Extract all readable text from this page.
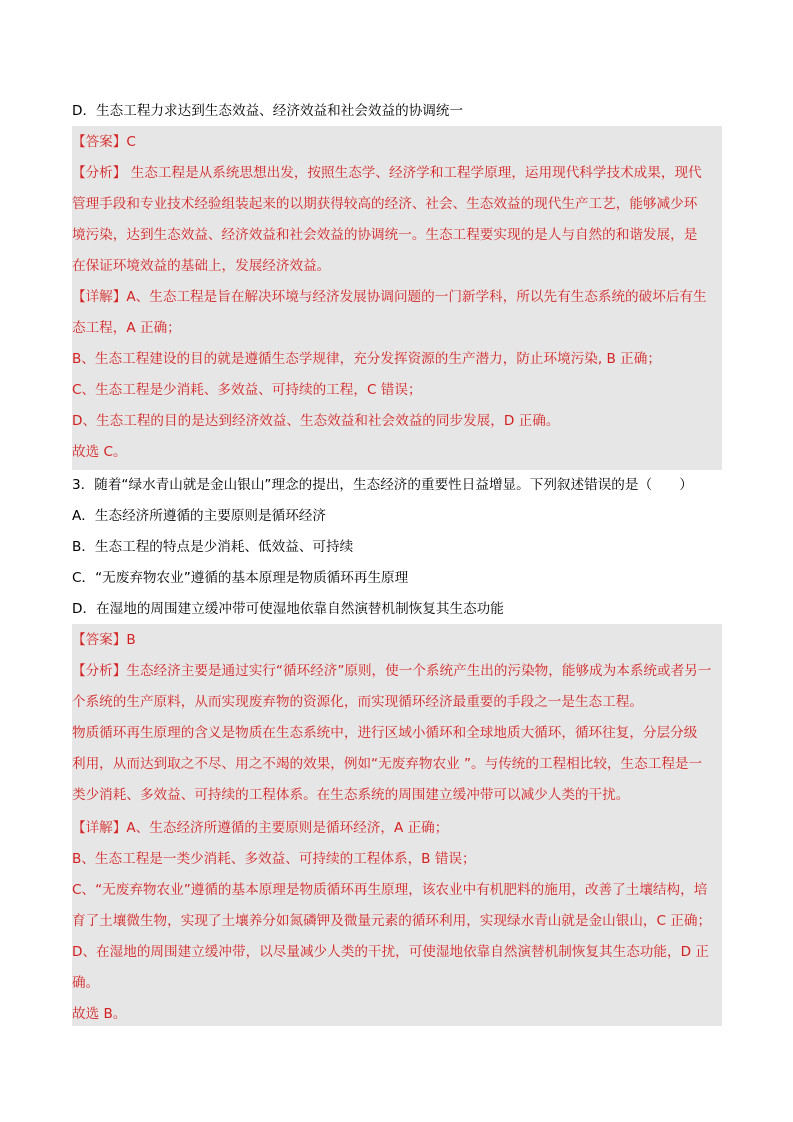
D．生态工程力求达到生态效益、经济效益和社会效益的协调统一
【答案】C
【分析】 生态工程是从系统思想出发，按照生态学、经济学和工程学原理，运用现代科学技术成果，现代
管理手段和专业技术经验组装起来的以期获得较高的经济、社会、生态效益的现代生产工艺，能够减少环
境污染，达到生态效益、经济效益和社会效益的协调统一。生态工程要实现的是人与自然的和谐发展，是
在保证环境效益的基础上，发展经济效益。
【详解】A、生态工程是旨在解决环境与经济发展协调问题的一门新学科，所以先有生态系统的破坏后有生
态工程，A 正确；
B、生态工程建设的目的就是遵循生态学规律，充分发挥资源的生产潜力，防止环境污染, B 正确；
C、生态工程是少消耗、多效益、可持续的工程，C 错误；
D、生态工程的目的是达到经济效益、生态效益和社会效益的同步发展，D 正确。
故选 C。
3．随着“绿水青山就是金山银山”理念的提出，生态经济的重要性日益增显。下列叙述错误的是（　　）
A．生态经济所遵循的主要原则是循环经济
B．生态工程的特点是少消耗、低效益、可持续
C．“无废弃物农业”遵循的基本原理是物质循环再生原理
D．在湿地的周围建立缓冲带可使湿地依靠自然演替机制恢复其生态功能
【答案】B
【分析】生态经济主要是通过实行“循环经济”原则，使一个系统产生出的污染物，能够成为本系统或者另一
个系统的生产原料，从而实现废弃物的资源化，而实现循环经济最重要的手段之一是生态工程。
物质循环再生原理的含义是物质在生态系统中，进行区域小循环和全球地质大循环，循环往复，分层分级
利用，从而达到取之不尽、用之不竭的效果，例如“无废弃物农业 ”。与传统的工程相比较，生态工程是一
类少消耗、多效益、可持续的工程体系。在生态系统的周围建立缓冲带可以减少人类的干扰。
【详解】A、生态经济所遵循的主要原则是循环经济，A 正确；
B、生态工程是一类少消耗、多效益、可持续的工程体系，B 错误；
C、“无废弃物农业”遵循的基本原理是物质循环再生原理，该农业中有机肥料的施用，改善了土壤结构，培
育了土壤微生物，实现了土壤养分如氮磷钾及微量元素的循环利用，实现绿水青山就是金山银山，C 正确；
D、在湿地的周围建立缓冲带，以尽量减少人类的干扰，可使湿地依靠自然演替机制恢复其生态功能，D 正
确。
故选 B。
